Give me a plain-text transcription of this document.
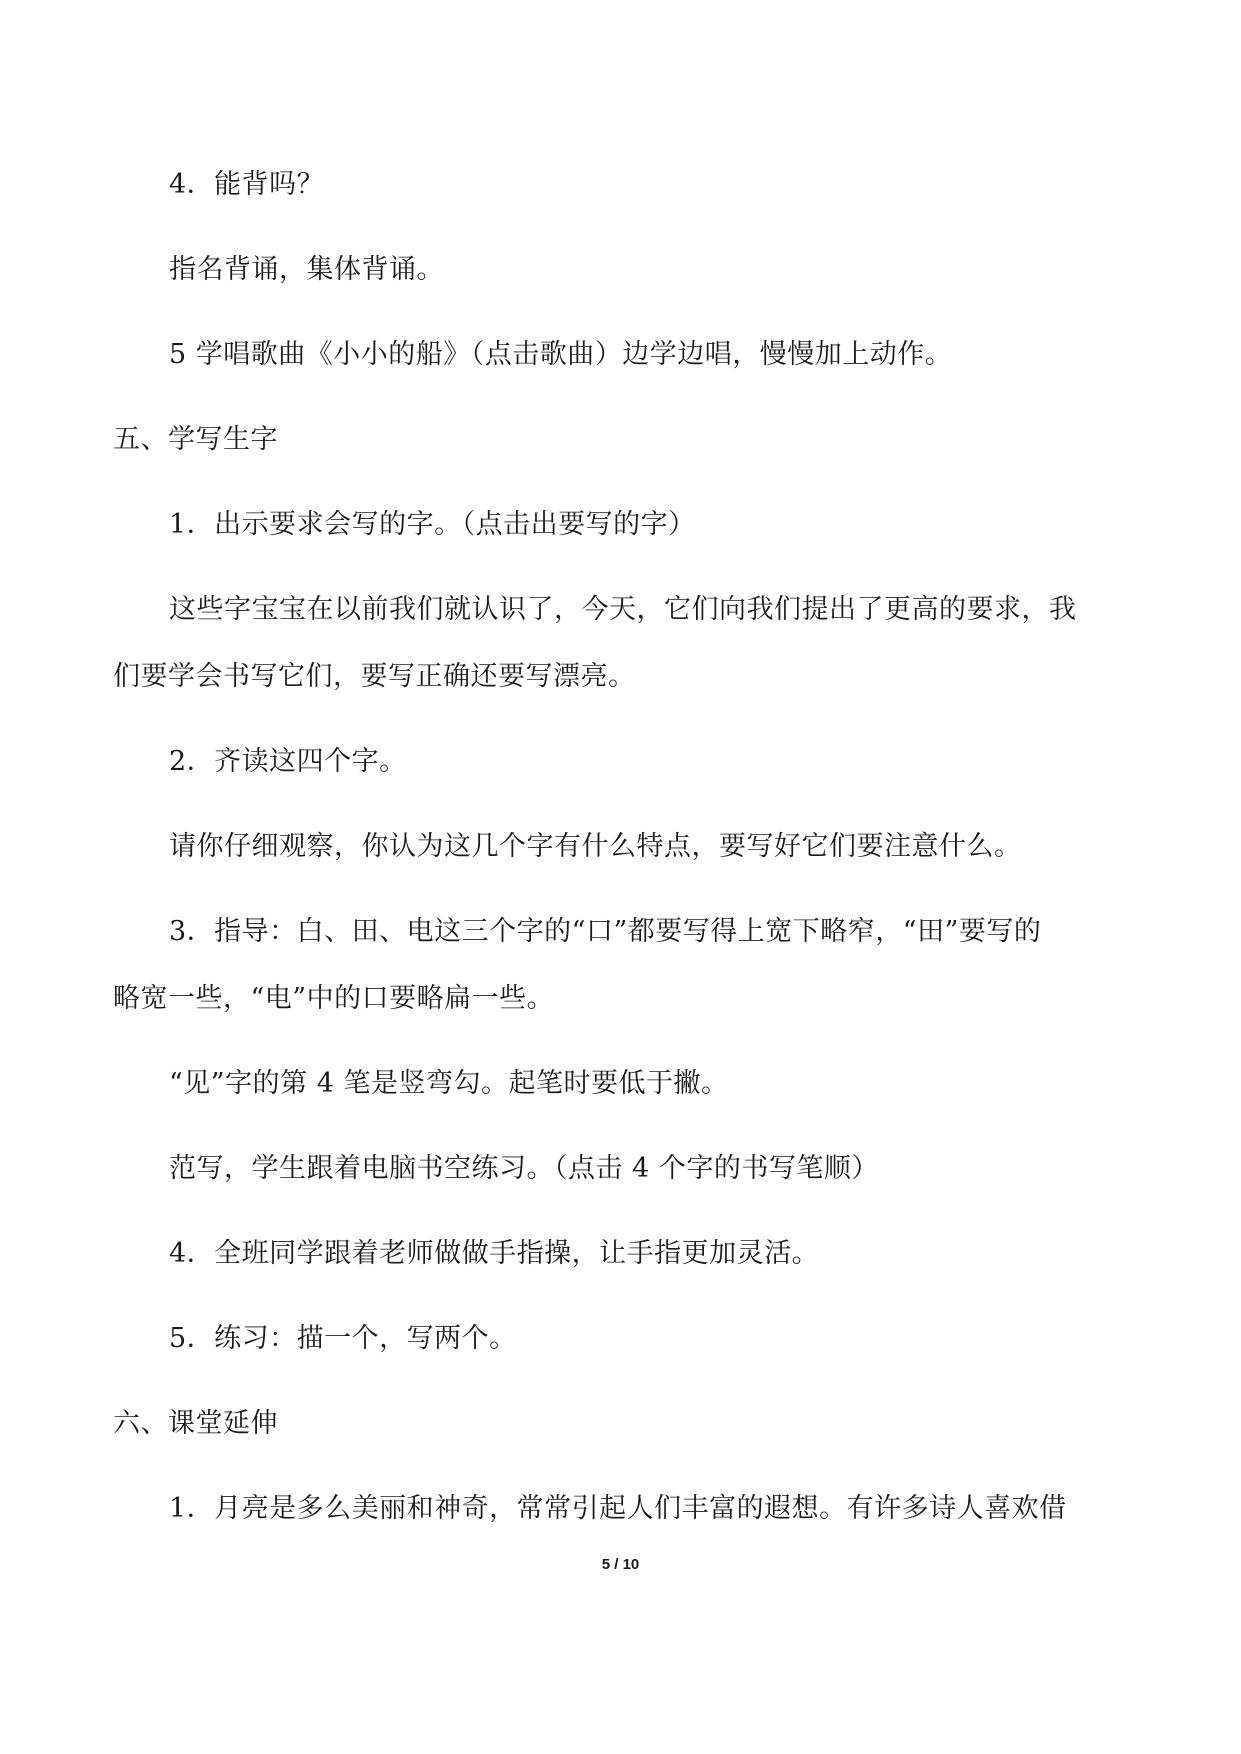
4．能背吗？

指名背诵，集体背诵。

5 学唱歌曲《小小的船》（点击歌曲）边学边唱，慢慢加上动作。

五、学写生字

1．出示要求会写的字。（点击出要写的字）

这些字宝宝在以前我们就认识了，今天，它们向我们提出了更高的要求，我

们要学会书写它们，要写正确还要写漂亮。

2．齐读这四个字。

请你仔细观察，你认为这几个字有什么特点，要写好它们要注意什么。

3．指导：白、田、电这三个字的“口”都要写得上宽下略窄，“田”要写的

略宽一些，“电”中的口要略扁一些。

“见”字的第 4 笔是竖弯勾。起笔时要低于撇。

范写，学生跟着电脑书空练习。（点击 4 个字的书写笔顺）

4．全班同学跟着老师做做手指操，让手指更加灵活。

5．练习：描一个，写两个。

六、课堂延伸

1．月亮是多么美丽和神奇，常常引起人们丰富的遐想。有许多诗人喜欢借

5 / 10
